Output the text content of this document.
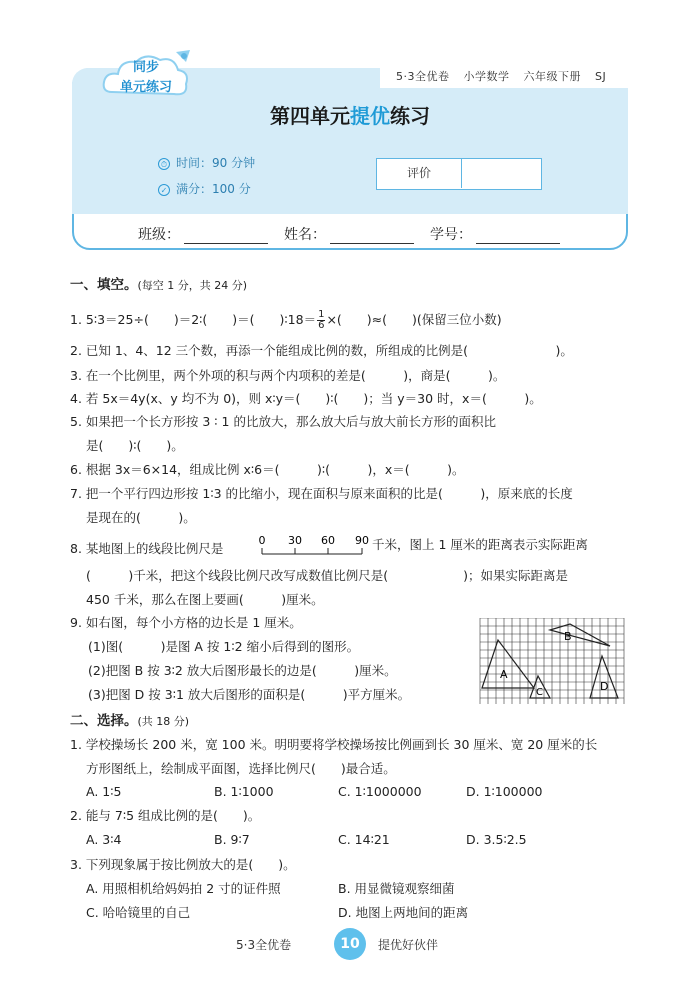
5·3全优卷 小学数学 六年级下册 SJ
同步
单元练习
第四单元提优练习
⏱ 时间：90 分钟
✓ 满分：100 分
评价
班级：	姓名：	学号：
一、填空。(每空 1 分，共 24 分)
1. 5∶3＝25÷(　　)＝2∶(　　)＝(　　)∶18＝ $\frac{1}{6}$ ×(　　)≈(　　)(保留三位小数)
2. 已知 1、4、12 三个数，再添一个能组成比例的数，所组成的比例是(　　　　　　　)。
3. 在一个比例里，两个外项的积与两个内项积的差是(　　　)，商是(　　　)。
4. 若 5x＝4y(x、y 均不为 0)，则 x∶y＝(　　)∶(　　)；当 y＝30 时，x＝(　　　)。
5. 如果把一个长方形按 3 ∶ 1 的比放大，那么放大后与放大前长方形的面积比
是(　　)∶(　　)。
6. 根据 3x＝6×14，组成比例 x∶6＝(　　　)∶(　　　)，x＝(　　　)。
7. 把一个平行四边形按 1∶3 的比缩小，现在面积与原来面积的比是(　　　)，原来底的长度
是现在的(　　　)。
8. 某地图上的线段比例尺是
0 30 60 90 千米，图上 1 厘米的距离表示实际距离
(　　　)千米，把这个线段比例尺改写成数值比例尺是(　　　　　　)；如果实际距离是
450 千米，那么在图上要画(　　　)厘米。
9. 如右图，每个小方格的边长是 1 厘米。
(1)图(　　　)是图 A 按 1∶2 缩小后得到的图形。
(2)把图 B 按 3∶2 放大后图形最长的边是(　　　)厘米。
(3)把图 D 按 3∶1 放大后图形的面积是(　　　)平方厘米。
A
B
C	D
二、选择。(共 18 分)
1. 学校操场长 200 米，宽 100 米。明明要将学校操场按比例画到长 30 厘米、宽 20 厘米的长
方形图纸上，绘制成平面图，选择比例尺(　　)最合适。
A. 1∶5	B. 1∶1000	C. 1∶1000000	D. 1∶100000
2. 能与 7∶5 组成比例的是(　　)。
A. 3∶4	B. 9∶7	C. 14∶21	D. 3.5∶2.5
3. 下列现象属于按比例放大的是(　　)。
A. 用照相机给妈妈拍 2 寸的证件照	B. 用显微镜观察细菌
C. 哈哈镜里的自己	D. 地图上两地间的距离
5·3全优卷	10	提优好伙伴
